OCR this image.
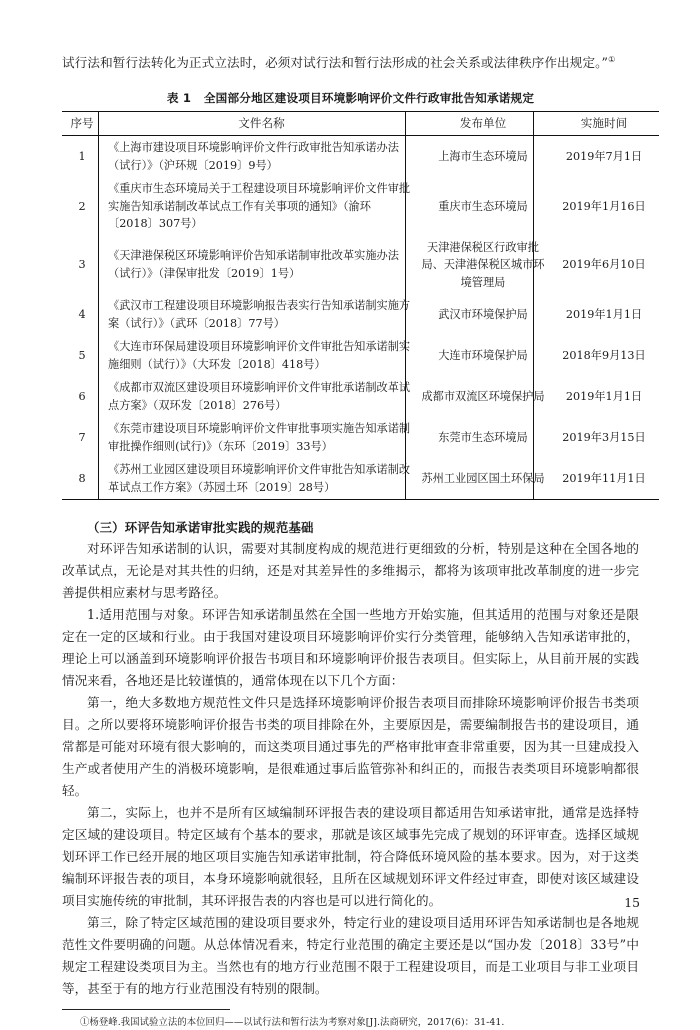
试行法和暂行法转化为正式立法时，必须对试行法和暂行法形成的社会关系或法律秩序作出规定。”①
表 1 全国部分地区建设项目环境影响评价文件行政审批告知承诺规定
序号	文件名称	发布单位	实施时间
1	《上海市建设项目环境影响评价文件行政审批告知承诺办法（试行）》（沪环规〔2019〕9号）	上海市生态环境局	2019年7月1日
2	《重庆市生态环境局关于工程建设项目环境影响评价文件审批实施告知承诺制改革试点工作有关事项的通知》（渝环〔2018〕307号）	重庆市生态环境局	2019年1月16日
3	《天津港保税区环境影响评价告知承诺制审批改革实施办法（试行）》（津保审批发〔2019〕1号）	天津港保税区行政审批局、天津港保税区城市环境管理局	2019年6月10日
4	《武汉市工程建设项目环境影响报告表实行告知承诺制实施方案（试行）》（武环〔2018〕77号）	武汉市环境保护局	2019年1月1日
5	《大连市环保局建设项目环境影响评价文件审批告知承诺制实施细则（试行）》（大环发〔2018〕418号）	大连市环境保护局	2018年9月13日
6	《成都市双流区建设项目环境影响评价文件审批承诺制改革试点方案》（双环发〔2018〕276号）	成都市双流区环境保护局	2019年1月1日
7	《东莞市建设项目环境影响评价文件审批事项实施告知承诺制审批操作细则(试行)》（东环〔2019〕33号）	东莞市生态环境局	2019年3月15日
8	《苏州工业园区建设项目环境影响评价文件审批告知承诺制改革试点工作方案》（苏园土环〔2019〕28号）	苏州工业园区国土环保局	2019年11月1日
（三）环评告知承诺审批实践的规范基础

对环评告知承诺制的认识，需要对其制度构成的规范进行更细致的分析，特别是这种在全国各地的改革试点，无论是对其共性的归纳，还是对其差异性的多维揭示，都将为该项审批改革制度的进一步完善提供相应素材与思考路径。

1.适用范围与对象。环评告知承诺制虽然在全国一些地方开始实施，但其适用的范围与对象还是限定在一定的区域和行业。由于我国对建设项目环境影响评价实行分类管理，能够纳入告知承诺审批的，理论上可以涵盖到环境影响评价报告书项目和环境影响评价报告表项目。但实际上，从目前开展的实践情况来看，各地还是比较谨慎的，通常体现在以下几个方面：

第一，绝大多数地方规范性文件只是选择环境影响评价报告表项目而排除环境影响评价报告书类项目。之所以要将环境影响评价报告书类的项目排除在外，主要原因是，需要编制报告书的建设项目，通常都是可能对环境有很大影响的，而这类项目通过事先的严格审批审查非常重要，因为其一旦建成投入生产或者使用产生的消极环境影响，是很难通过事后监管弥补和纠正的，而报告表类项目环境影响都很轻。

第二，实际上，也并不是所有区域编制环评报告表的建设项目都适用告知承诺审批，通常是选择特定区域的建设项目。特定区域有个基本的要求，那就是该区域事先完成了规划的环评审查。选择区域规划环评工作已经开展的地区项目实施告知承诺审批制，符合降低环境风险的基本要求。因为，对于这类编制环评报告表的项目，本身环境影响就很轻，且所在区域规划环评文件经过审查，即使对该区域建设项目实施传统的审批制，其环评报告表的内容也是可以进行简化的。

第三，除了特定区域范围的建设项目要求外，特定行业的建设项目适用环评告知承诺制也是各地规范性文件要明确的问题。从总体情况看来，特定行业范围的确定主要还是以“国办发〔2018〕33号”中规定工程建设类项目为主。当然也有的地方行业范围不限于工程建设项目，而是工业项目与非工业项目等，甚至于有的地方行业范围没有特别的限制。

①杨登峰.我国试验立法的本位回归——以试行法和暂行法为考察对象[J].法商研究，2017(6)：31-41.

15
